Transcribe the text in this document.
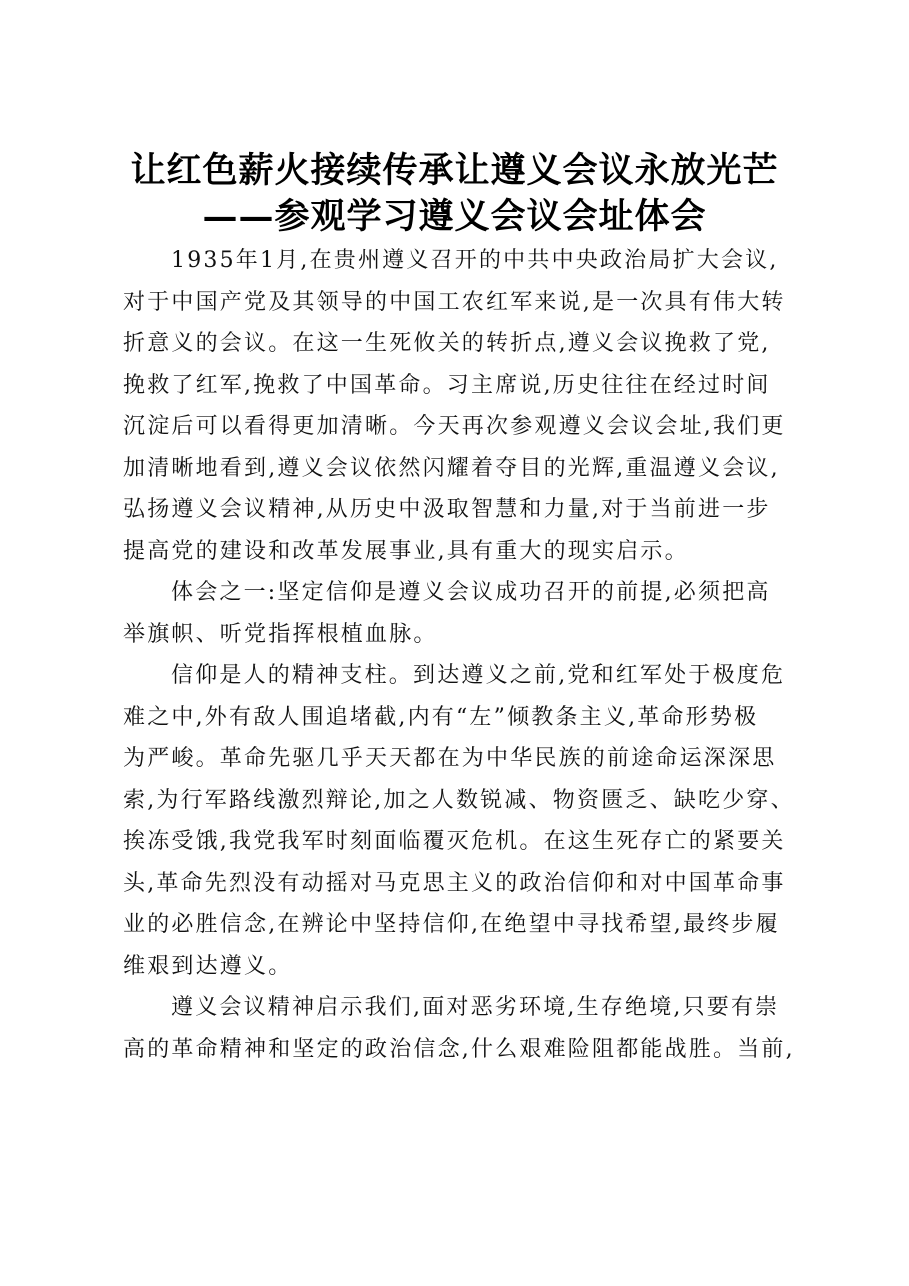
让红色薪火接续传承让遵义会议永放光芒
——参观学习遵义会议会址体会
1935年1月,在贵州遵义召开的中共中央政治局扩大会议,
对于中国产党及其领导的中国工农红军来说,是一次具有伟大转
折意义的会议。在这一生死攸关的转折点,遵义会议挽救了党,
挽救了红军,挽救了中国革命。习主席说,历史往往在经过时间
沉淀后可以看得更加清晰。今天再次参观遵义会议会址,我们更
加清晰地看到,遵义会议依然闪耀着夺目的光辉,重温遵义会议,
弘扬遵义会议精神,从历史中汲取智慧和力量,对于当前进一步
提高党的建设和改革发展事业,具有重大的现实启示。
体会之一:坚定信仰是遵义会议成功召开的前提,必须把高
举旗帜、听党指挥根植血脉。
信仰是人的精神支柱。到达遵义之前,党和红军处于极度危
难之中,外有敌人围追堵截,内有“左”倾教条主义,革命形势极
为严峻。革命先驱几乎天天都在为中华民族的前途命运深深思
索,为行军路线激烈辩论,加之人数锐减、物资匮乏、缺吃少穿、
挨冻受饿,我党我军时刻面临覆灭危机。在这生死存亡的紧要关
头,革命先烈没有动摇对马克思主义的政治信仰和对中国革命事
业的必胜信念,在辨论中坚持信仰,在绝望中寻找希望,最终步履
维艰到达遵义。
遵义会议精神启示我们,面对恶劣环境,生存绝境,只要有崇
高的革命精神和坚定的政治信念,什么艰难险阻都能战胜。当前,
